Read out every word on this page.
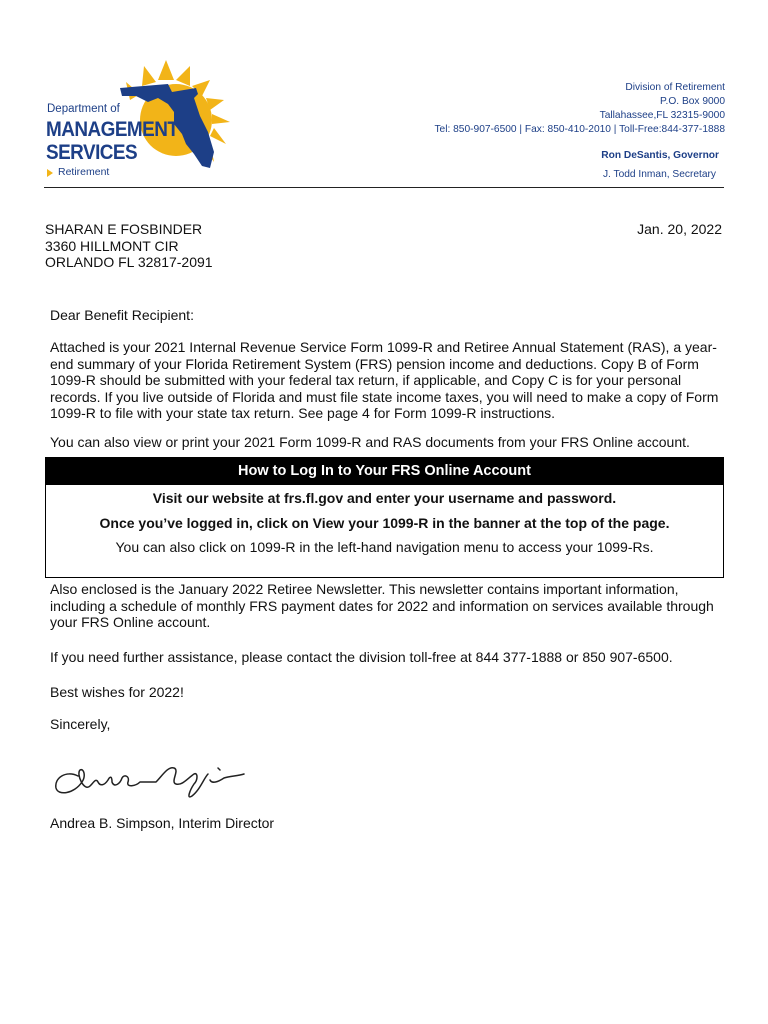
Department of
MANAGEMENT
SERVICES
Retirement
Division of Retirement
P.O. Box 9000
Tallahassee,FL 32315-9000
Tel: 850-907-6500 | Fax: 850-410-2010 | Toll-Free:844-377-1888
Ron DeSantis, Governor
J. Todd Inman, Secretary
SHARAN E FOSBINDER
3360 HILLMONT CIR
ORLANDO FL 32817-2091
Jan. 20, 2022
Dear Benefit Recipient:
Attached is your 2021 Internal Revenue Service Form 1099-R and Retiree Annual Statement (RAS), a year-end summary of your Florida Retirement System (FRS) pension income and deductions. Copy B of Form 1099-R should be submitted with your federal tax return, if applicable, and Copy C is for your personal records. If you live outside of Florida and must file state income taxes, you will need to make a copy of Form 1099-R to file with your state tax return. See page 4 for Form 1099-R instructions.
You can also view or print your 2021 Form 1099-R and RAS documents from your FRS Online account.
How to Log In to Your FRS Online Account
Visit our website at frs.fl.gov and enter your username and password.
Once you’ve logged in, click on View your 1099-R in the banner at the top of the page.
You can also click on 1099-R in the left-hand navigation menu to access your 1099-Rs.
Also enclosed is the January 2022 Retiree Newsletter. This newsletter contains important information, including a schedule of monthly FRS payment dates for 2022 and information on services available through your FRS Online account.
If you need further assistance, please contact the division toll-free at 844 377-1888 or 850 907-6500.
Best wishes for 2022!
Sincerely,
Andrea B. Simpson, Interim Director
